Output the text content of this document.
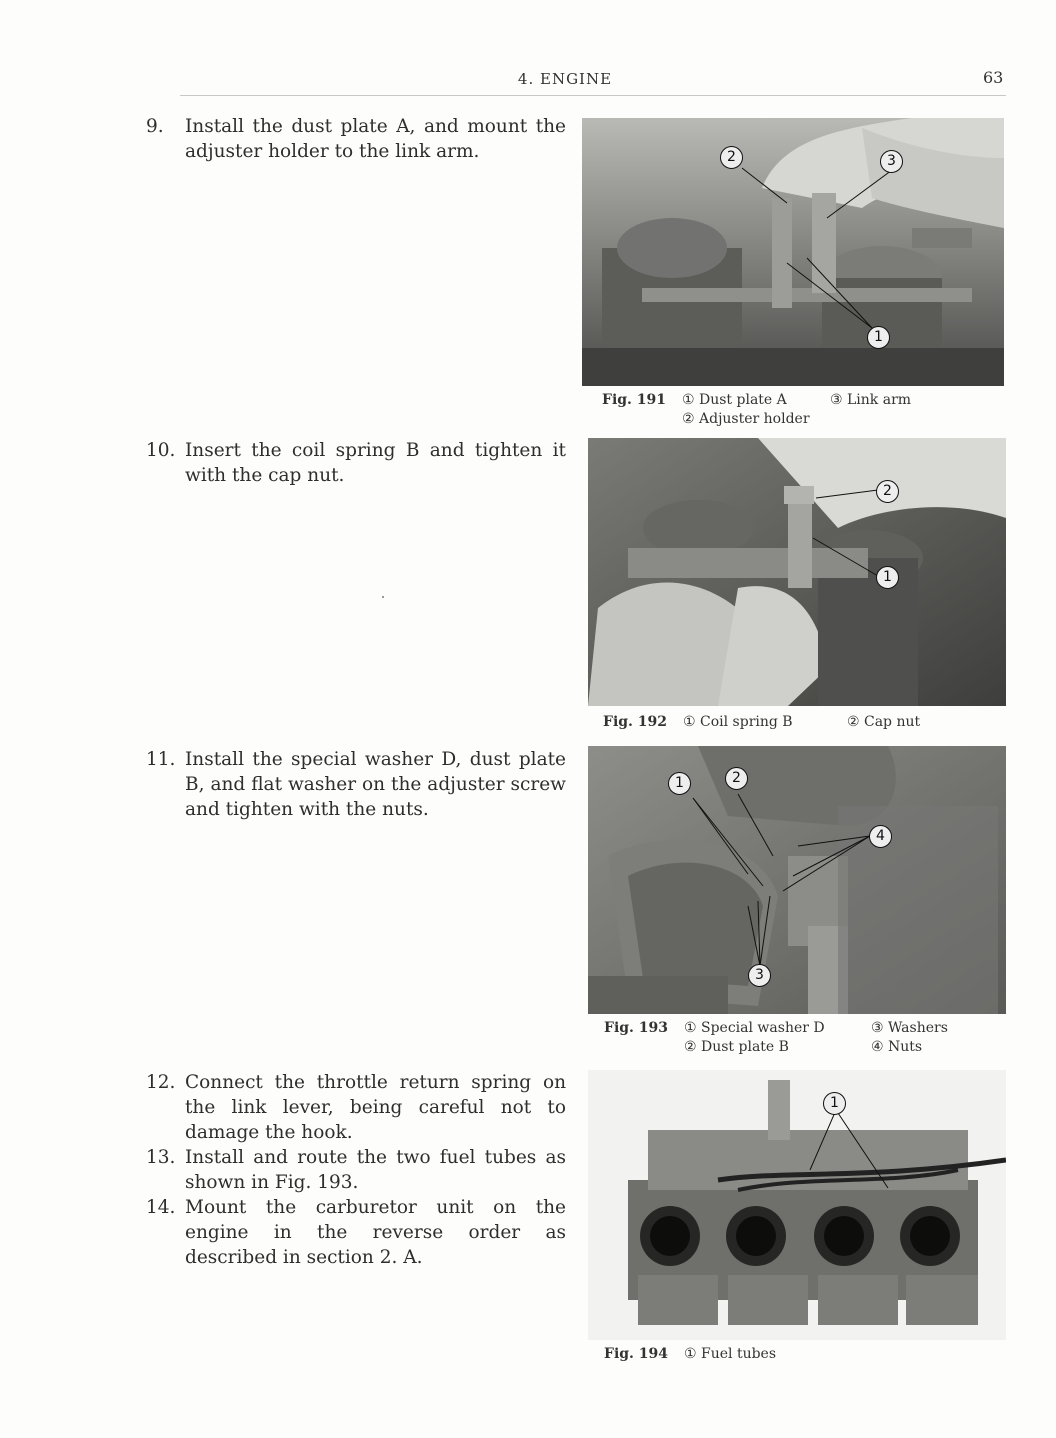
4. ENGINE	63
9.	Install the dust plate A, and mount the adjuster holder to the link arm.
10. Insert the coil spring B and tighten it with the cap nut.
11. Install the special washer D, dust plate B, and flat washer on the adjuster screw and tighten with the nuts.
12. Connect the throttle return spring on the link lever, being careful not to damage the hook.
13. Install and route the two fuel tubes as shown in Fig. 193.
14. Mount the carburetor unit on the engine in the reverse order as described in section 2. A.
2	3
1
Fig. 191 ① Dust plate A	③ Link arm
② Adjuster holder
2
1
Fig. 192 ① Coil spring B	② Cap nut
1	2
4
3
Fig. 193 ① Special washer D	③ Washers
② Dust plate B	④ Nuts
1
Fig. 194 ① Fuel tubes
